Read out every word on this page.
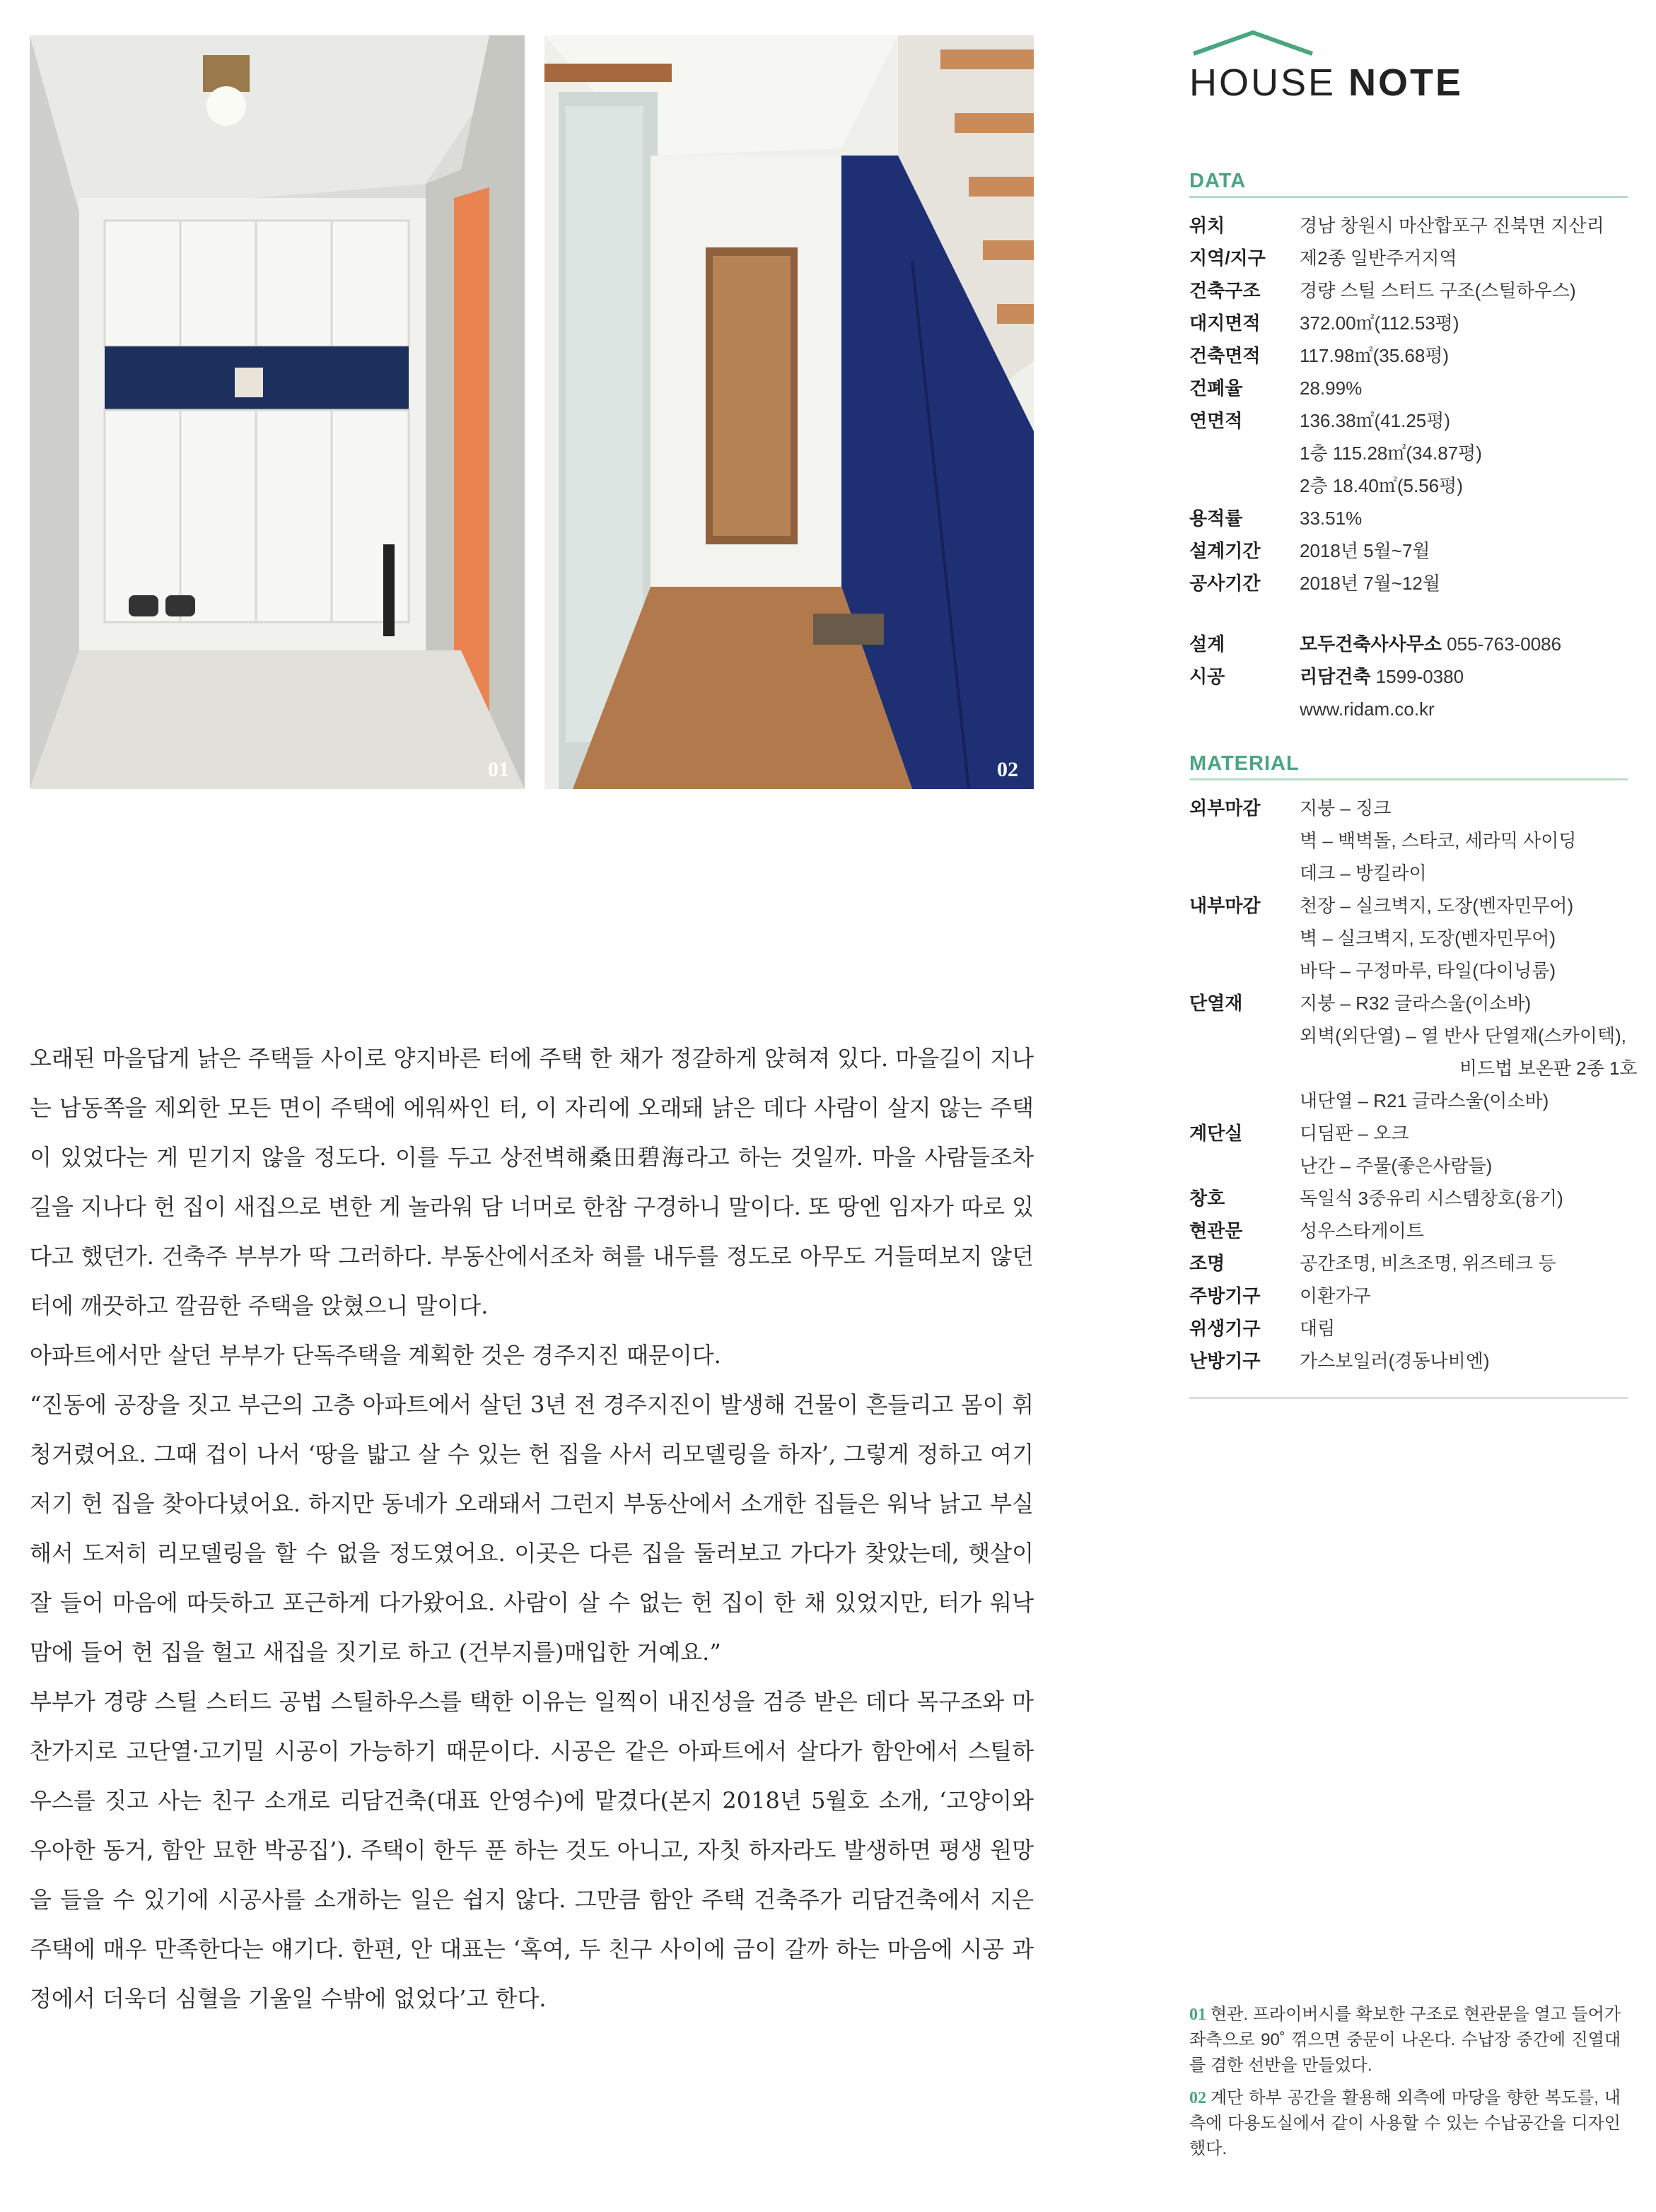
01	02

오래된 마을답게 낡은 주택들 사이로 양지바른 터에 주택 한 채가 정갈하게 앉혀져 있다. 마을길이 지나는 남동쪽을 제외한 모든 면이 주택에 에워싸인 터, 이 자리에 오래돼 낡은 데다 사람이 살지 않는 주택이 있었다는 게 믿기지 않을 정도다. 이를 두고 상전벽해桑田碧海라고 하는 것일까. 마을 사람들조차 길을 지나다 헌 집이 새집으로 변한 게 놀라워 담 너머로 한참 구경하니 말이다. 또 땅엔 임자가 따로 있다고 했던가. 건축주 부부가 딱 그러하다. 부동산에서조차 혀를 내두를 정도로 아무도 거들떠보지 않던 터에 깨끗하고 깔끔한 주택을 앉혔으니 말이다.

아파트에서만 살던 부부가 단독주택을 계획한 것은 경주지진 때문이다.

“진동에 공장을 짓고 부근의 고층 아파트에서 살던 3년 전 경주지진이 발생해 건물이 흔들리고 몸이 휘청거렸어요. 그때 겁이 나서 ‘땅을 밟고 살 수 있는 헌 집을 사서 리모델링을 하자’, 그렇게 정하고 여기저기 헌 집을 찾아다녔어요. 하지만 동네가 오래돼서 그런지 부동산에서 소개한 집들은 워낙 낡고 부실해서 도저히 리모델링을 할 수 없을 정도였어요. 이곳은 다른 집을 둘러보고 가다가 찾았는데, 햇살이 잘 들어 마음에 따듯하고 포근하게 다가왔어요. 사람이 살 수 없는 헌 집이 한 채 있었지만, 터가 워낙 맘에 들어 헌 집을 헐고 새집을 짓기로 하고 (건부지를)매입한 거예요.”

부부가 경량 스틸 스터드 공법 스틸하우스를 택한 이유는 일찍이 내진성을 검증 받은 데다 목구조와 마찬가지로 고단열·고기밀 시공이 가능하기 때문이다. 시공은 같은 아파트에서 살다가 함안에서 스틸하우스를 짓고 사는 친구 소개로 리담건축(대표 안영수)에 맡겼다(본지 2018년 5월호 소개, ‘고양이와 우아한 동거, 함안 묘한 박공집’). 주택이 한두 푼 하는 것도 아니고, 자칫 하자라도 발생하면 평생 원망을 들을 수 있기에 시공사를 소개하는 일은 쉽지 않다. 그만큼 함안 주택 건축주가 리담건축에서 지은 주택에 매우 만족한다는 얘기다. 한편, 안 대표는 ‘혹여, 두 친구 사이에 금이 갈까 하는 마음에 시공 과정에서 더욱더 심혈을 기울일 수밖에 없었다’고 한다.

HOUSE NOTE
DATA
위치	경남 창원시 마산합포구 진북면 지산리
지역/지구	제2종 일반주거지역
건축구조	경량 스틸 스터드 구조(스틸하우스)
대지면적	372.00㎡(112.53평)
건축면적	117.98㎡(35.68평)
건폐율	28.99%
연면적	136.38㎡(41.25평)
1층 115.28㎡(34.87평)
2층 18.40㎡(5.56평)
용적률	33.51%
설계기간	2018년 5월~7월
공사기간	2018년 7월~12월
설계	모두건축사사무소 055-763-0086
시공	리담건축 1599-0380
www.ridam.co.kr
MATERIAL
외부마감	지붕 – 징크
벽 – 백벽돌, 스타코, 세라믹 사이딩
데크 – 방킬라이
내부마감	천장 – 실크벽지, 도장(벤자민무어)
벽 – 실크벽지, 도장(벤자민무어)
바닥 – 구정마루, 타일(다이닝룸)
단열재	지붕 – R32 글라스울(이소바)
외벽(외단열) – 열 반사 단열재(스카이텍),
비드법 보온판 2종 1호
내단열 – R21 글라스울(이소바)
계단실	디딤판 – 오크
난간 – 주물(좋은사람들)
창호	독일식 3중유리 시스템창호(융기)
현관문	성우스타게이트
조명	공간조명, 비츠조명, 위즈테크 등
주방기구	이환가구
위생기구	대림
난방기구	가스보일러(경동나비엔)

01 현관. 프라이버시를 확보한 구조로 현관문을 열고 들어가 좌측으로 90˚ 꺾으면 중문이 나온다. 수납장 중간에 진열대를 겸한 선반을 만들었다.

02 계단 하부 공간을 활용해 외측에 마당을 향한 복도를, 내측에 다용도실에서 같이 사용할 수 있는 수납공간을 디자인했다.
